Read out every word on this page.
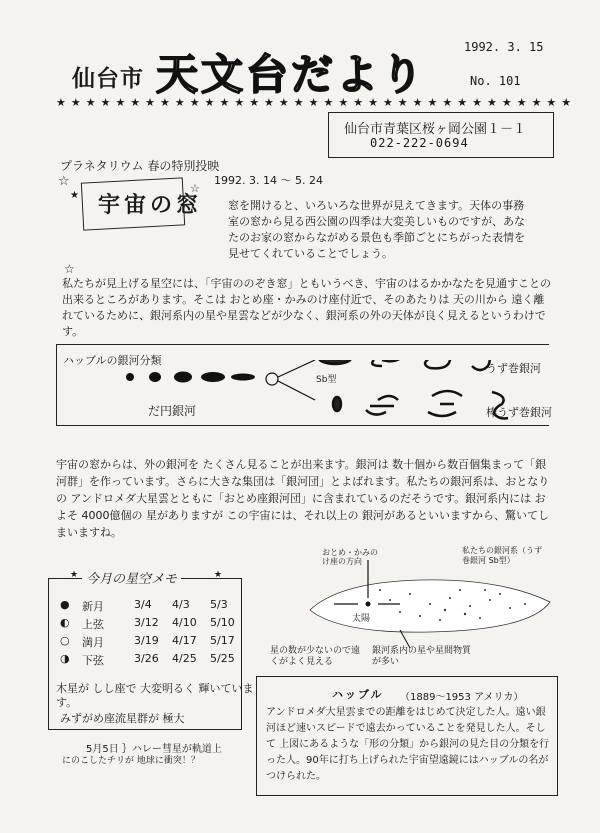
仙台市 天文台だより
1992. 3. 15
No. 101
★★★★★★★★★★★★★★★★★★★★★★★★★★★★★★★★★★★
仙台市青葉区桜ヶ岡公園１－１
022-222-0694
プラネタリウム 春の特別投映
1992. 3. 14 ～ 5. 24
☆
★
☆
☆
宇宙の窓 窓を開けると、いろいろな世界が見えてきます。天体の事務室の窓から見る西公園の四季は大変美しいものですが、あなたのお家の窓からながめる景色も季節ごとにちがった表情を見せてくれていることでしょう。
私たちが見上げる星空には、「宇宙ののぞき窓」ともいうべき、宇宙のはるかかなたを見通すことの出来るところがあります。そこは おとめ座・かみのけ座付近で、そのあたりは 天の川から 遠く離れているために、銀河系内の星や星雲などが少なく、銀河系の外の天体が良く見えるというわけです。
ハッブルの銀河分類
だ円銀河
Sb型
うず巻銀河
棒うず巻銀河
宇宙の窓からは、外の銀河を たくさん見ることが出来ます。銀河は 数十個から数百個集まって「銀河群」を作っています。さらに大きな集団は「銀河団」とよばれます。私たちの銀河系は、おとなりの アンドロメダ大星雲とともに「おとめ座銀河団」に含まれているのだそうです。銀河系内には およそ 4000億個の 星がありますが この宇宙には、それ以上の 銀河があるといいますから、驚いてしまいますね。
今月の星空メモ
★	★
● 新月	3/4 4/3 5/3
◐ 上弦	3/12 4/10 5/10
○ 満月	3/19 4/17 5/17
◑ 下弦	3/26 4/25 5/25
木星が しし座で 大変明るく 輝いています。
みずがめ座流星群が 極大
5月5日 ｝ハレー彗星が軌道上
にのこしたチリが 地球に衝突！？
おとめ・かみのけ座の方向
私たちの銀河系（うず巻銀河 Sb型）
太陽
星の数が少ないので遠くがよく見える
銀河系内の星や星間物質が多い
ハッブル （1889～1953 アメリカ）
アンドロメダ大星雲までの距離をはじめて決定した人。遠い銀河ほど速いスピードで遠去かっていることを発見した人。そして 上図にあるような「形の分類」から銀河の見た目の分類を行った人。90年に打ち上げられた宇宙望遠鏡にはハッブルの名がつけられた。
